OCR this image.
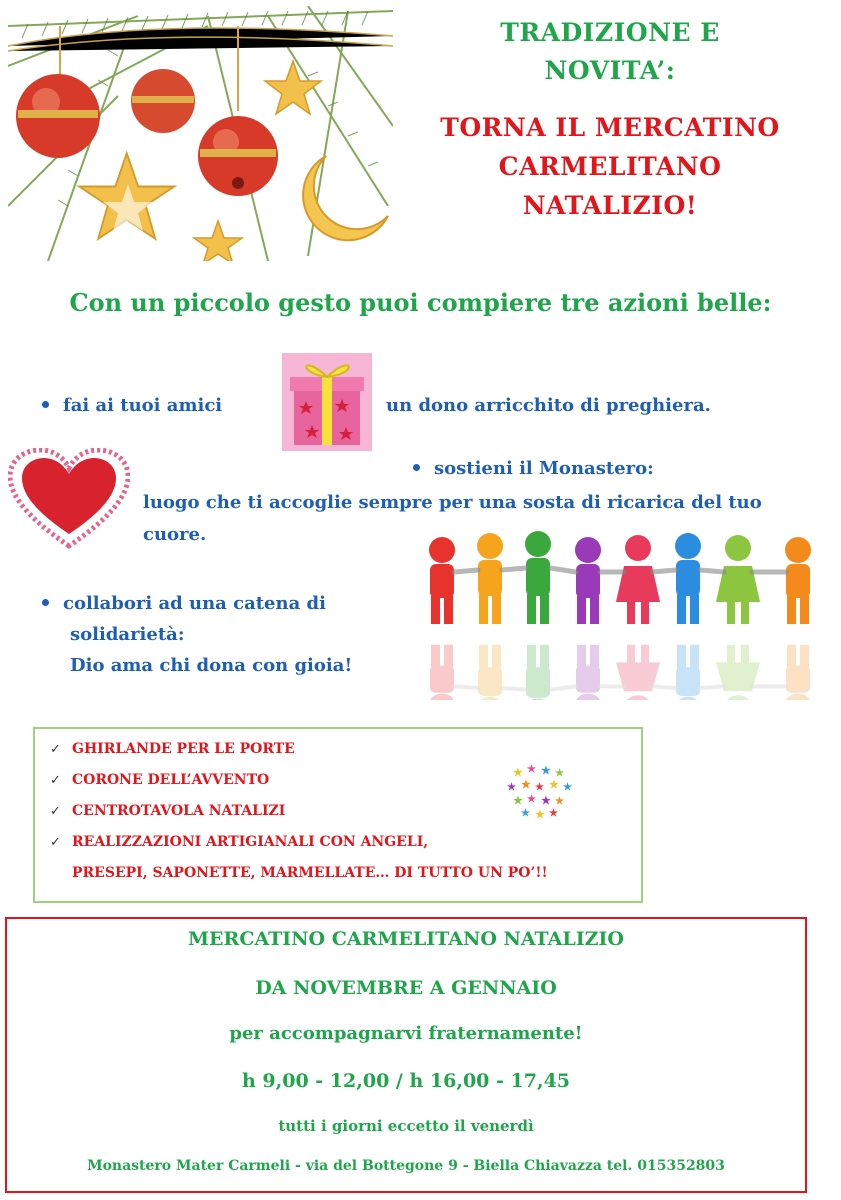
TRADIZIONE E
NOVITA’:
TORNA IL MERCATINO
CARMELITANO
NATALIZIO!
Con un piccolo gesto puoi compiere tre azioni belle:
fai ai tuoi amici	un dono arricchito di preghiera.
sostieni il Monastero:
luogo che ti accoglie sempre per una sosta di ricarica del tuo cuore.
collabori ad una catena di
solidarietà:
Dio ama chi dona con gioia!
✓ GHIRLANDE PER LE PORTE
✓ CORONE DELL’AVVENTO
✓ CENTROTAVOLA NATALIZI
✓ REALIZZAZIONI ARTIGIANALI CON ANGELI,
PRESEPI, SAPONETTE, MARMELLATE… DI TUTTO UN PO’!!
★ ★ ★ ★
★ ★ ★ ★ ★
★ ★ ★ ★
★ ★ ★
MERCATINO CARMELITANO NATALIZIO
DA NOVEMBRE A GENNAIO
per accompagnarvi fraternamente!
h 9,00 - 12,00 / h 16,00 - 17,45
tutti i giorni eccetto il venerdì
Monastero Mater Carmeli - via del Bottegone 9 - Biella Chiavazza tel. 015352803
